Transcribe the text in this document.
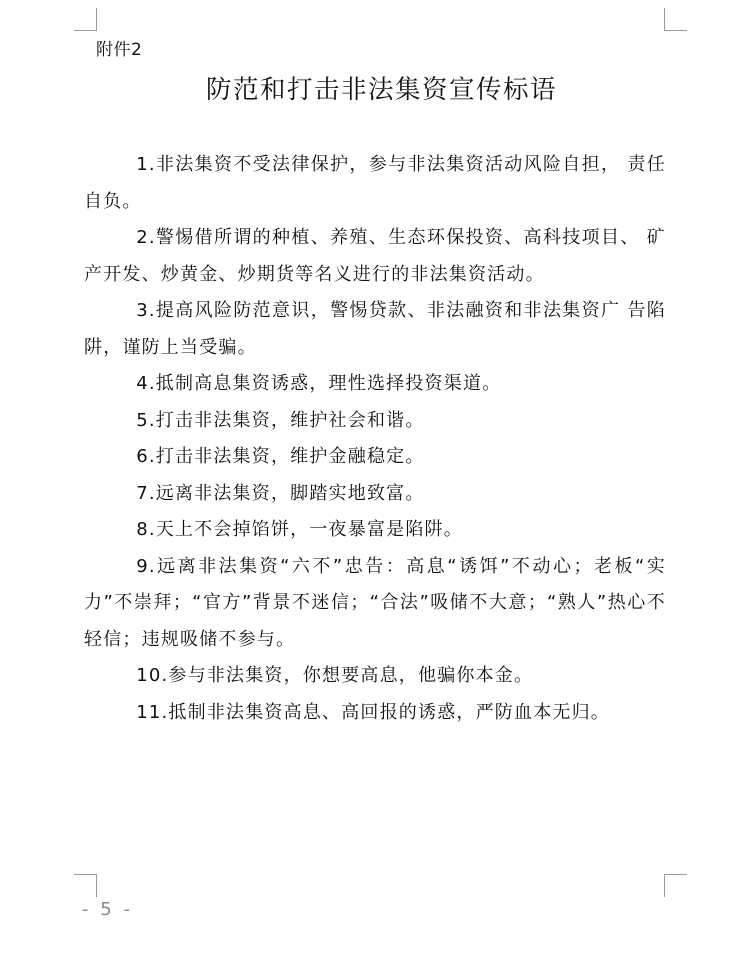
附件2
防范和打击非法集资宣传标语

1.非法集资不受法律保护，参与非法集资活动风险自担， 责任自负。

2.警惕借所谓的种植、养殖、生态环保投资、高科技项目、 矿产开发、炒黄金、炒期货等名义进行的非法集资活动。

3.提高风险防范意识，警惕贷款、非法融资和非法集资广 告陷阱，谨防上当受骗。

4.抵制高息集资诱惑，理性选择投资渠道。

5.打击非法集资，维护社会和谐。

6.打击非法集资，维护金融稳定。

7.远离非法集资，脚踏实地致富。

8.天上不会掉馅饼，一夜暴富是陷阱。

9.远离非法集资“六不”忠告：高息“诱饵”不动心；老板“实力”不崇拜；“官方”背景不迷信；“合法”吸储不大意；“熟人”热心不轻信；违规吸储不参与。

10.参与非法集资，你想要高息，他骗你本金。

11.抵制非法集资高息、高回报的诱惑，严防血本无归。

- 5 -
